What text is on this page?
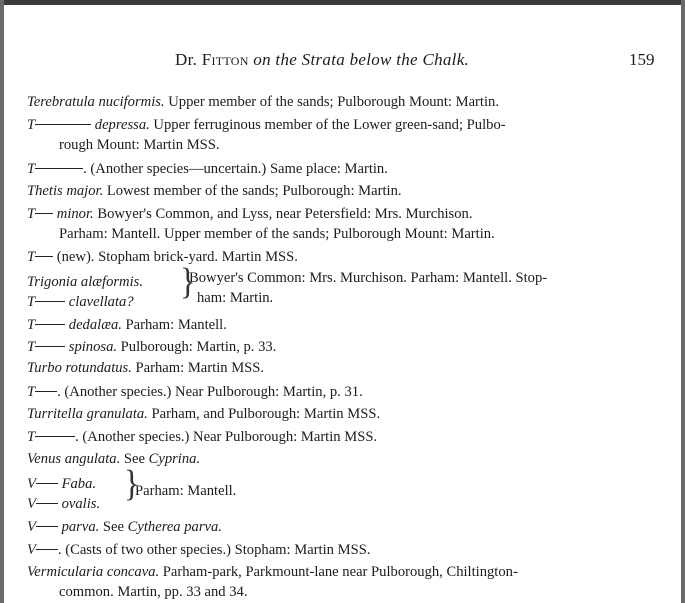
Dr. Fitton on the Strata below the Chalk.	159
Terebratula nuciformis. Upper member of the sands; Pulborough Mount: Martin.
T	depressa. Upper ferruginous member of the Lower green-sand; Pulbo-
rough Mount: Martin MSS.
T	. (Another species—uncertain.) Same place: Martin.
Thetis major. Lowest member of the sands; Pulborough: Martin.
T minor. Bowyer's Common, and Lyss, near Petersfield: Mrs. Murchison.
Parham: Mantell. Upper member of the sands; Pulborough Mount: Martin.
T (new). Stopham brick-yard. Martin MSS.
Trigonia alæformis.
T clavellata?
}
Bowyer's Common: Mrs. Murchison. Parham: Mantell. Stop-
ham: Martin.
T dedalæa. Parham: Mantell.
T spinosa. Pulborough: Martin, p. 33.
Turbo rotundatus. Parham: Martin MSS.
T . (Another species.) Near Pulborough: Martin, p. 31.
Turritella granulata. Parham, and Pulborough: Martin MSS.
T	. (Another species.) Near Pulborough: Martin MSS.
Venus angulata. See Cyprina.
V Faba.
V ovalis.
}
Parham: Mantell.
V parva. See Cytherea parva.
V . (Casts of two other species.) Stopham: Martin MSS.
Vermicularia concava. Parham-park, Parkmount-lane near Pulborough, Chiltington-
common. Martin, pp. 33 and 34.
